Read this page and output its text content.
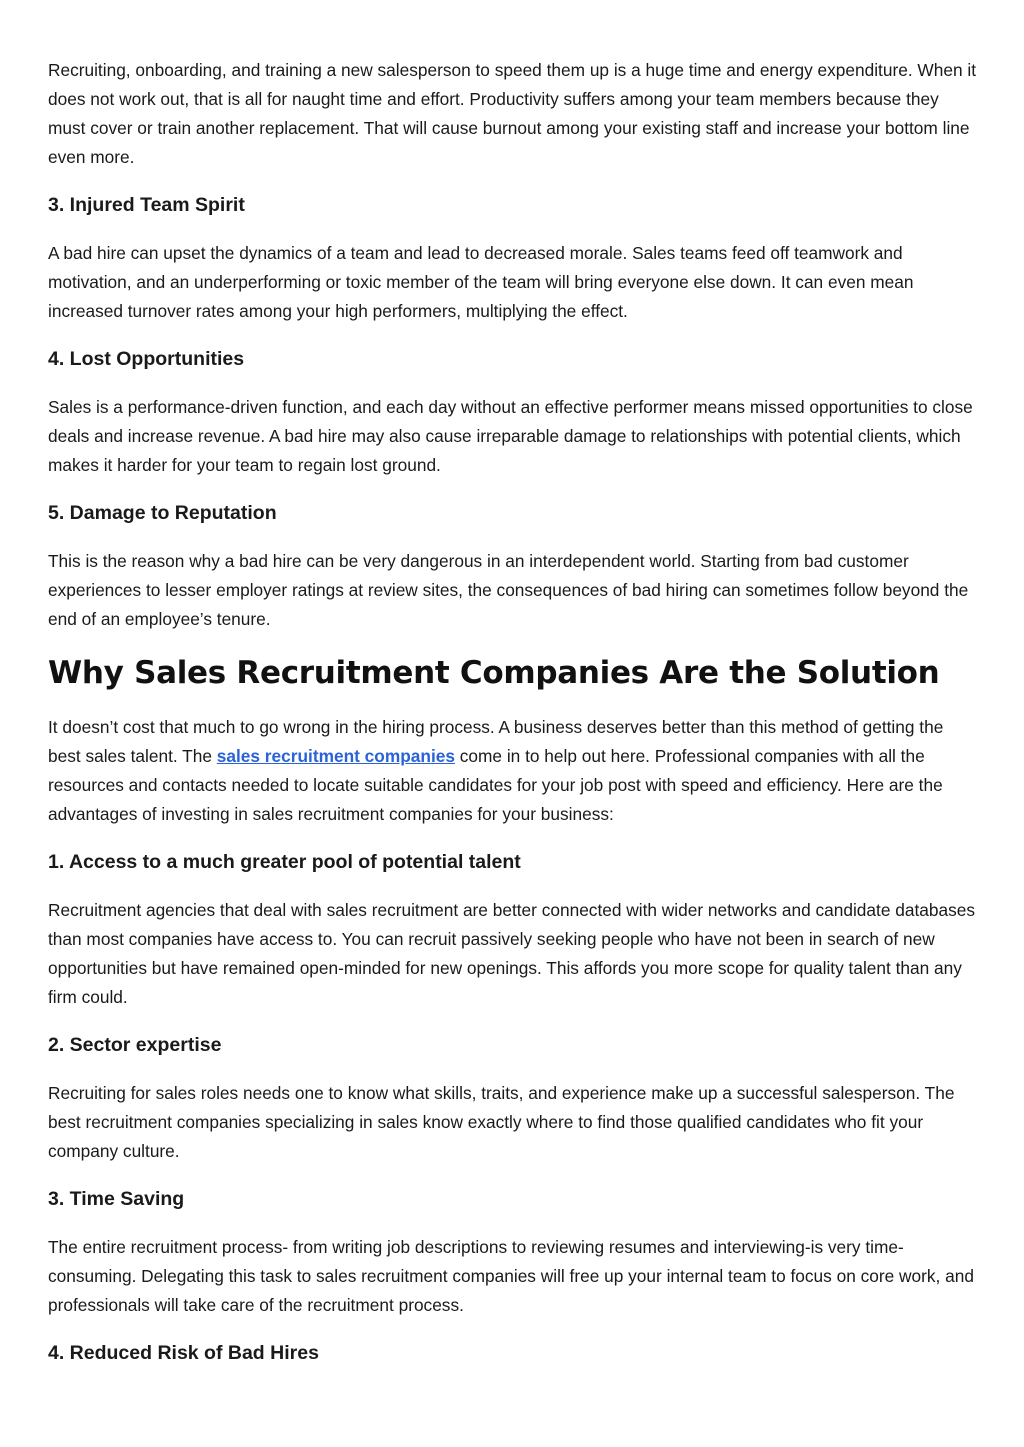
Recruiting, onboarding, and training a new salesperson to speed them up is a huge time and energy expenditure. When it does not work out, that is all for naught time and effort. Productivity suffers among your team members because they must cover or train another replacement. That will cause burnout among your existing staff and increase your bottom line even more.

3. Injured Team Spirit

A bad hire can upset the dynamics of a team and lead to decreased morale. Sales teams feed off teamwork and motivation, and an underperforming or toxic member of the team will bring everyone else down. It can even mean increased turnover rates among your high performers, multiplying the effect.

4. Lost Opportunities

Sales is a performance-driven function, and each day without an effective performer means missed opportunities to close deals and increase revenue. A bad hire may also cause irreparable damage to relationships with potential clients, which makes it harder for your team to regain lost ground.

5. Damage to Reputation

This is the reason why a bad hire can be very dangerous in an interdependent world. Starting from bad customer experiences to lesser employer ratings at review sites, the consequences of bad hiring can sometimes follow beyond the end of an employee’s tenure.

Why Sales Recruitment Companies Are the Solution

It doesn’t cost that much to go wrong in the hiring process. A business deserves better than this method of getting the best sales talent. The sales recruitment companies come in to help out here. Professional companies with all the resources and contacts needed to locate suitable candidates for your job post with speed and efficiency. Here are the advantages of investing in sales recruitment companies for your business:

1. Access to a much greater pool of potential talent

Recruitment agencies that deal with sales recruitment are better connected with wider networks and candidate databases than most companies have access to. You can recruit passively seeking people who have not been in search of new opportunities but have remained open-minded for new openings. This affords you more scope for quality talent than any firm could.

2. Sector expertise

Recruiting for sales roles needs one to know what skills, traits, and experience make up a successful salesperson. The best recruitment companies specializing in sales know exactly where to find those qualified candidates who fit your company culture.

3. Time Saving

The entire recruitment process- from writing job descriptions to reviewing resumes and interviewing-is very time-consuming. Delegating this task to sales recruitment companies will free up your internal team to focus on core work, and professionals will take care of the recruitment process.

4. Reduced Risk of Bad Hires
